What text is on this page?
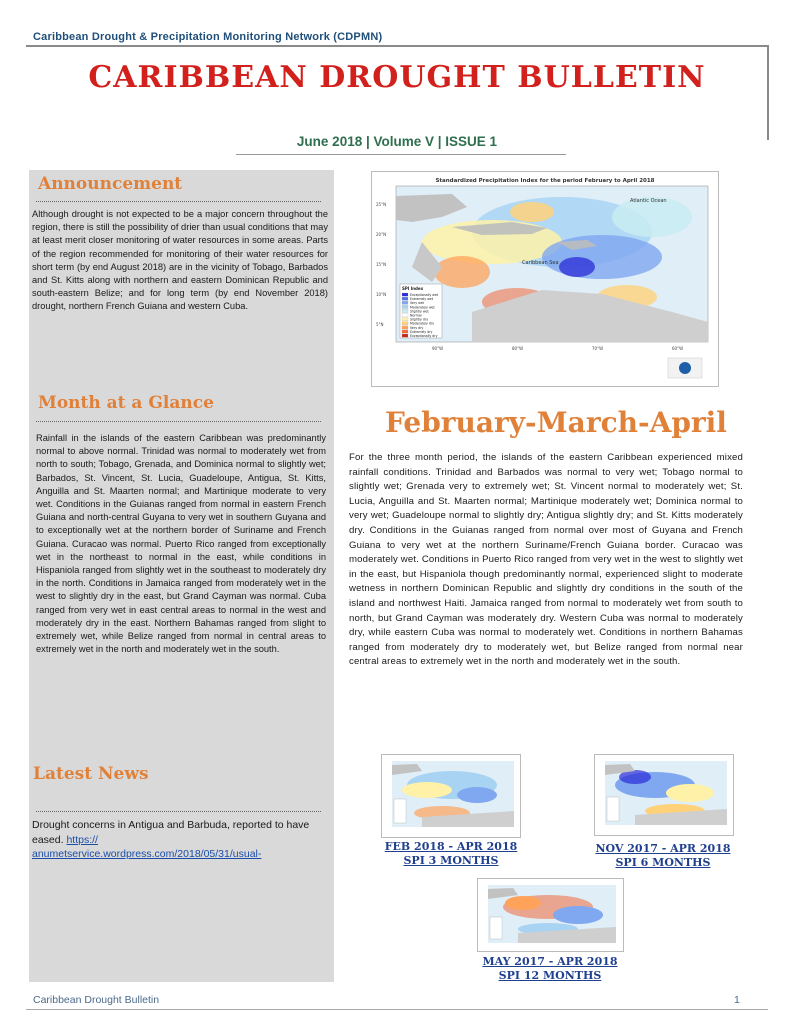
Caribbean Drought & Precipitation Monitoring Network (CDPMN)
CARIBBEAN DROUGHT BULLETIN
June 2018 | Volume V | ISSUE 1
Announcement
Although drought is not expected to be a major concern throughout the region, there is still the possibility of drier than usual conditions that may at least merit closer monitoring of water resources in some areas. Parts of the region recommended for monitoring of their water resources for short term (by end August 2018) are in the vicinity of Tobago, Barbados and St. Kitts along with northern and eastern Dominican Republic and south-eastern Belize; and for long term (by end November 2018) drought, northern French Guiana and western Cuba.
Month at a Glance
Rainfall in the islands of the eastern Caribbean was predominantly normal to above normal. Trinidad was normal to moderately wet from north to south; Tobago, Grenada, and Dominica normal to slightly wet; Barbados, St. Vincent, St. Lucia, Guadeloupe, Antigua, St. Kitts, Anguilla and St. Maarten normal; and Martinique moderate to very wet. Conditions in the Guianas ranged from normal in eastern French Guiana and north-central Guyana to very wet in southern Guyana and to exceptionally wet at the northern border of Suriname and French Guiana. Curacao was normal. Puerto Rico ranged from exceptionally wet in the northeast to normal in the east, while conditions in Hispaniola ranged from slightly wet in the southeast to moderately dry in the north. Conditions in Jamaica ranged from moderately wet in the west to slightly dry in the east, but Grand Cayman was normal. Cuba ranged from very wet in east central areas to normal in the west and moderately dry in the east. Northern Bahamas ranged from slight to extremely wet, while Belize ranged from normal in central areas to extremely wet in the north and moderately wet in the south.
Latest News
Drought concerns in Antigua and Barbuda, reported to have eased. https://
anumetservice.wordpress.com/2018/05/31/usual-
Standardized Precipitation Index for the period February to April 2018
Atlantic Ocean
Caribbean Sea
SPI Index
Exceptionally wet
Extremely wet
Very wet
Moderately wet
Slightly wet
Normal
Slightly dry
Moderately dry
Very dry
Extremely dry
Exceptionally dry
25°N
20°N
15°N
10°N
5°N
90°W	80°W	70°W	60°W
February-March-April
For the three month period, the islands of the eastern Caribbean experienced mixed rainfall conditions. Trinidad and Barbados was normal to very wet; Tobago normal to slightly wet; Grenada very to extremely wet; St. Vincent normal to moderately wet; St. Lucia, Anguilla and St. Maarten normal; Martinique moderately wet; Dominica normal to very wet; Guadeloupe normal to slightly dry; Antigua slightly dry; and St. Kitts moderately dry. Conditions in the Guianas ranged from normal over most of Guyana and French Guiana to very wet at the northern Suriname/French Guiana border. Curacao was moderately wet. Conditions in Puerto Rico ranged from very wet in the west to slightly wet in the east, but Hispaniola though predominantly normal, experienced slight to moderate wetness in northern Dominican Republic and slightly dry conditions in the south of the island and northwest Haiti. Jamaica ranged from normal to moderately wet from south to north, but Grand Cayman was moderately dry. Western Cuba was normal to moderately dry, while eastern Cuba was normal to moderately wet. Conditions in northern Bahamas ranged from moderately dry to moderately wet, but Belize ranged from normal near central areas to extremely wet in the north and moderately wet in the south.
FEB 2018 - APR 2018
SPI 3 MONTHS
NOV 2017 - APR 2018
SPI 6 MONTHS
MAY 2017 - APR 2018
SPI 12 MONTHS
Caribbean Drought Bulletin	1
